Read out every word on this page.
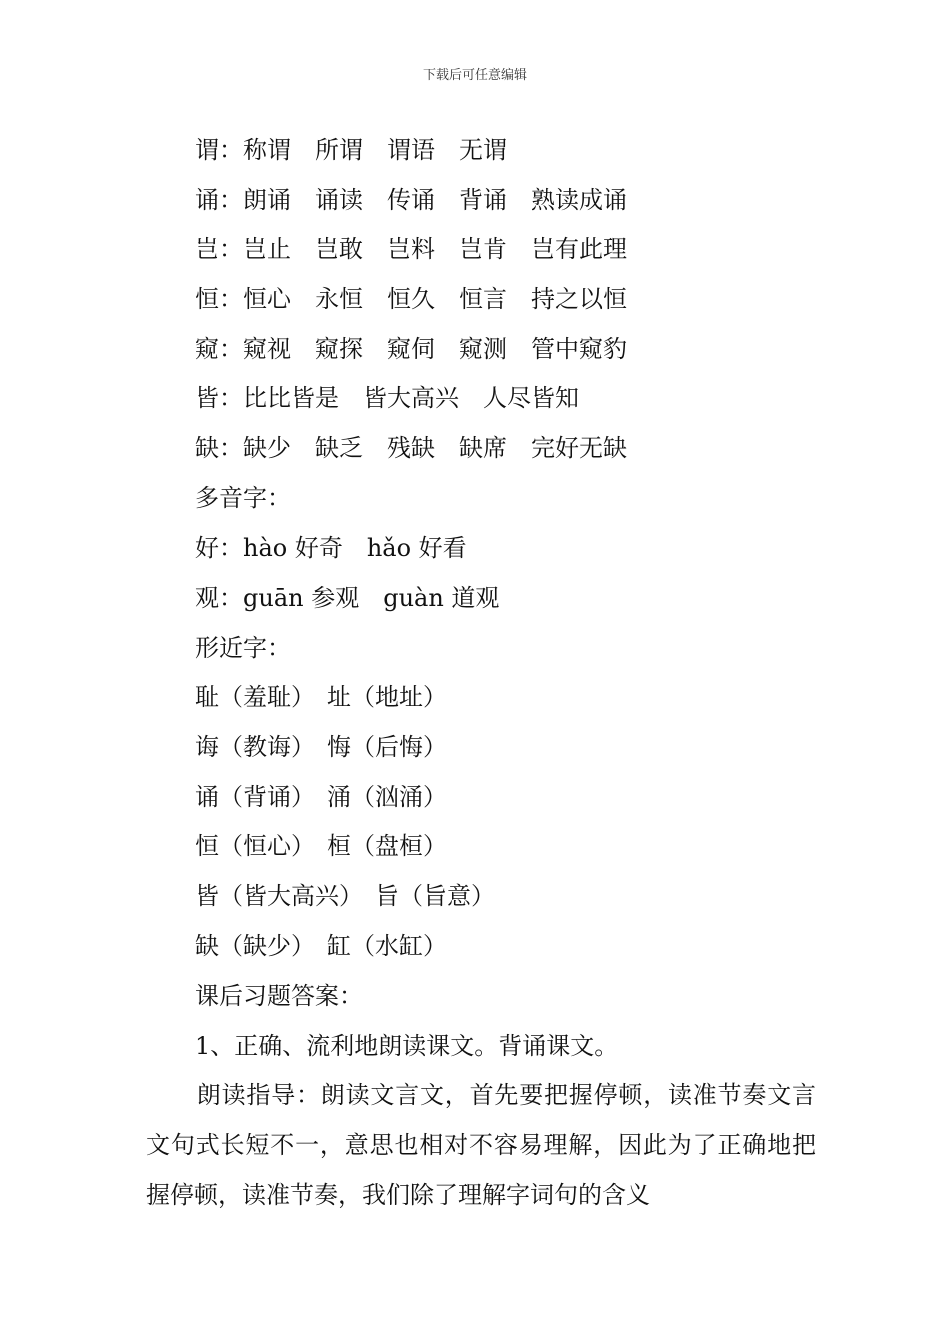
下载后可任意编辑
谓：称谓　所谓　谓语　无谓
诵：朗诵　诵读　传诵　背诵　熟读成诵
岂：岂止　岂敢　岂料　岂肯　岂有此理
恒：恒心　永恒　恒久　恒言　持之以恒
窥：窥视　窥探　窥伺　窥测　管中窥豹
皆：比比皆是　皆大高兴　人尽皆知
缺：缺少　缺乏　残缺　缺席　完好无缺
多音字：
好：hào 好奇　hǎo 好看
观：guān 参观　guàn 道观
形近字：
耻（羞耻）　址（地址）
诲（教诲）　悔（后悔）
诵（背诵）　涌（汹涌）
恒（恒心）　桓（盘桓）
皆（皆大高兴）　旨（旨意）
缺（缺少）　缸（水缸）
课后习题答案：
1、正确、流利地朗读课文。背诵课文。
朗读指导：朗读文言文，首先要把握停顿，读准节奏文言文句式长短不一，意思也相对不容易理解，因此为了正确地把握停顿，读准节奏，我们除了理解字词句的含义
